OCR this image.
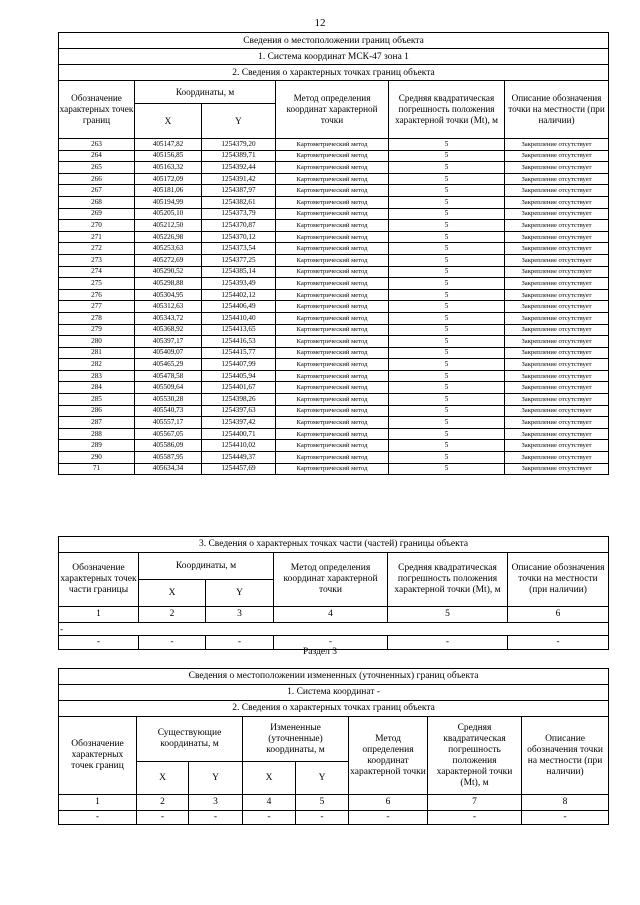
12
Сведения о местоположении границ объекта					
1. Система координат МСК-47 зона 1					
2. Сведения о характерных точках границ объекта					
Обозначение характерных точек границ	Координаты, м		Метод определения координат характерной точки	Средняя квадратическая погрешность положения характерной точки (Mt), м	Описание обозначения точки на местности (при наличии)
	X	Y			
263	405147,82	1254379,20	Картометрический метод	5	Закрепление отсутствует
264	405156,85	1254389,71	Картометрический метод	5	Закрепление отсутствует
265	405163,32	1254392,44	Картометрический метод	5	Закрепление отсутствует
266	405172,09	1254391,42	Картометрический метод	5	Закрепление отсутствует
267	405181,06	1254387,97	Картометрический метод	5	Закрепление отсутствует
268	405194,99	1254382,61	Картометрический метод	5	Закрепление отсутствует
269	405205,10	1254373,79	Картометрический метод	5	Закрепление отсутствует
270	405212,50	1254370,87	Картометрический метод	5	Закрепление отсутствует
271	405226,98	1254370,12	Картометрический метод	5	Закрепление отсутствует
272	405253,63	1254373,54	Картометрический метод	5	Закрепление отсутствует
273	405272,69	1254377,25	Картометрический метод	5	Закрепление отсутствует
274	405290,52	1254385,14	Картометрический метод	5	Закрепление отсутствует
275	405298,88	1254393,49	Картометрический метод	5	Закрепление отсутствует
276	405304,95	1254402,12	Картометрический метод	5	Закрепление отсутствует
277	405312,63	1254406,49	Картометрический метод	5	Закрепление отсутствует
278	405343,72	1254410,40	Картометрический метод	5	Закрепление отсутствует
279	405368,92	1254413,65	Картометрический метод	5	Закрепление отсутствует
280	405397,17	1254416,53	Картометрический метод	5	Закрепление отсутствует
281	405409,07	1254415,77	Картометрический метод	5	Закрепление отсутствует
282	405465,29	1254407,99	Картометрический метод	5	Закрепление отсутствует
283	405478,58	1254405,94	Картометрический метод	5	Закрепление отсутствует
284	405509,64	1254401,67	Картометрический метод	5	Закрепление отсутствует
285	405530,28	1254398,26	Картометрический метод	5	Закрепление отсутствует
286	405540,73	1254397,63	Картометрический метод	5	Закрепление отсутствует
287	405557,17	1254397,42	Картометрический метод	5	Закрепление отсутствует
288	405567,05	1254400,71	Картометрический метод	5	Закрепление отсутствует
289	405586,09	1254410,02	Картометрический метод	5	Закрепление отсутствует
290	405587,95	1254449,37	Картометрический метод	5	Закрепление отсутствует
71	405634,34	1254457,69	Картометрический метод	5	Закрепление отсутствует
3. Сведения о характерных точках части (частей) границы объекта					
Обозначение характерных точек части границы	Координаты, м		Метод определения координат характерной точки	Средняя квадратическая погрешность положения характерной точки (Mt), м	Описание обозначения точки на местности (при наличии)
	X	Y			
1	2	3	4	5	6
-					
-	-	-	-	-	-
Раздел 3
Сведения о местоположении измененных (уточненных) границ объекта							
1. Система координат -							
2. Сведения о характерных точках границ объекта							
Обозначение характерных точек границ	Существующие координаты, м		Измененные (уточненные) координаты, м		Метод определения координат характерной точки	Средняя квадратическая погрешность положения характерной точки (Mt), м	Описание обозначения точки на местности (при наличии)
	X	Y	X	Y			
1	2	3	4	5	6	7	8
-	-	-	-	-	-	-	-
